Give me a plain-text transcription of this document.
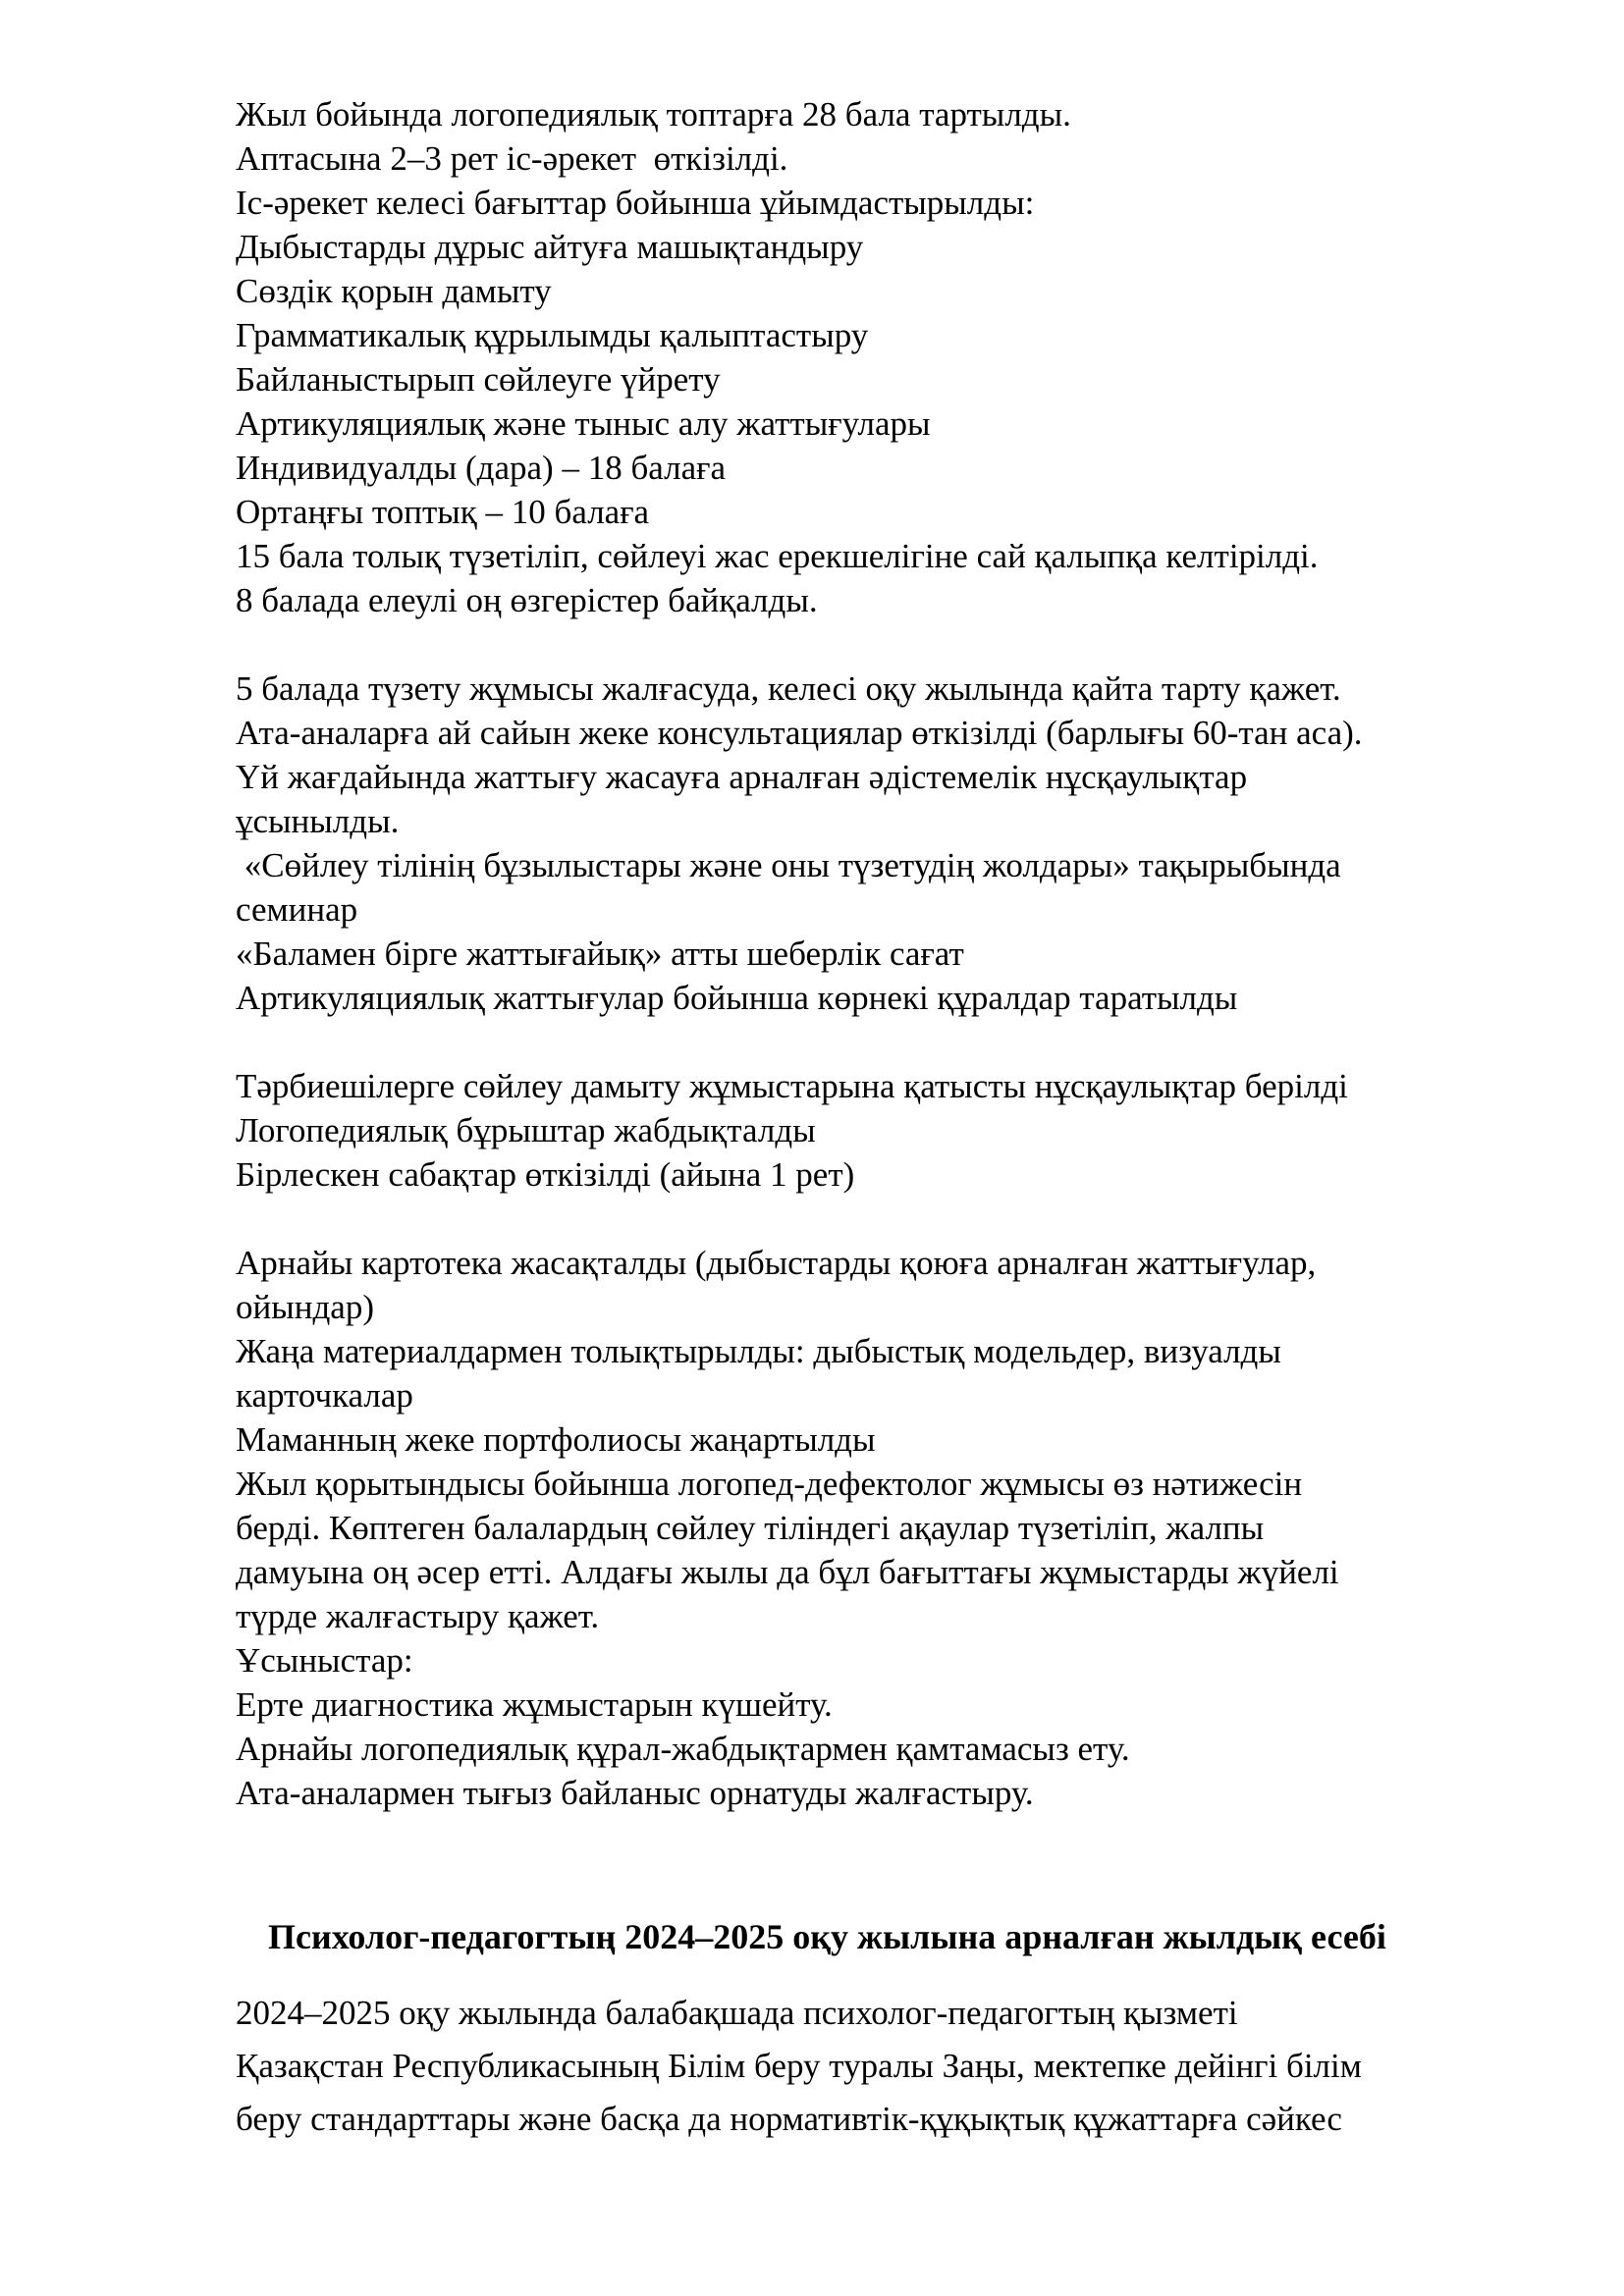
Жыл бойында логопедиялық топтарға 28 бала тартылды.

Аптасына 2–3 рет іс-әрекет  өткізілді.

Іс-әрекет келесі бағыттар бойынша ұйымдастырылды:

Дыбыстарды дұрыс айтуға машықтандыру

Сөздік қорын дамыту

Грамматикалық құрылымды қалыптастыру

Байланыстырып сөйлеуге үйрету

Артикуляциялық және тыныс алу жаттығулары

Индивидуалды (дара) – 18 балаға

Ортаңғы топтық – 10 балаға

15 бала толық түзетіліп, сөйлеуі жас ерекшелігіне сай қалыпқа келтірілді.

8 балада елеулі оң өзгерістер байқалды.

5 балада түзету жұмысы жалғасуда, келесі оқу жылында қайта тарту қажет.

Ата-аналарға ай сайын жеке консультациялар өткізілді (барлығы 60-тан аса).

Үй жағдайында жаттығу жасауға арналған әдістемелік нұсқаулықтар

ұсынылды.

«Сөйлеу тілінің бұзылыстары және оны түзетудің жолдары» тақырыбында

семинар

«Баламен бірге жаттығайық» атты шеберлік сағат

Артикуляциялық жаттығулар бойынша көрнекі құралдар таратылды

Тәрбиешілерге сөйлеу дамыту жұмыстарына қатысты нұсқаулықтар берілді

Логопедиялық бұрыштар жабдықталды

Бірлескен сабақтар өткізілді (айына 1 рет)

Арнайы картотека жасақталды (дыбыстарды қоюға арналған жаттығулар,

ойындар)

Жаңа материалдармен толықтырылды: дыбыстық модельдер, визуалды

карточкалар

Маманның жеке портфолиосы жаңартылды

Жыл қорытындысы бойынша логопед-дефектолог жұмысы өз нәтижесін

берді. Көптеген балалардың сөйлеу тіліндегі ақаулар түзетіліп, жалпы

дамуына оң әсер етті. Алдағы жылы да бұл бағыттағы жұмыстарды жүйелі

түрде жалғастыру қажет.

Ұсыныстар:

Ерте диагностика жұмыстарын күшейту.

Арнайы логопедиялық құрал-жабдықтармен қамтамасыз ету.

Ата-аналармен тығыз байланыс орнатуды жалғастыру.

Психолог-педагогтың 2024–2025 оқу жылына арналған жылдық есебі

2024–2025 оқу жылында балабақшада психолог-педагогтың қызметі

Қазақстан Республикасының Білім беру туралы Заңы, мектепке дейінгі білім

беру стандарттары және басқа да нормативтік-құқықтық құжаттарға сәйкес
